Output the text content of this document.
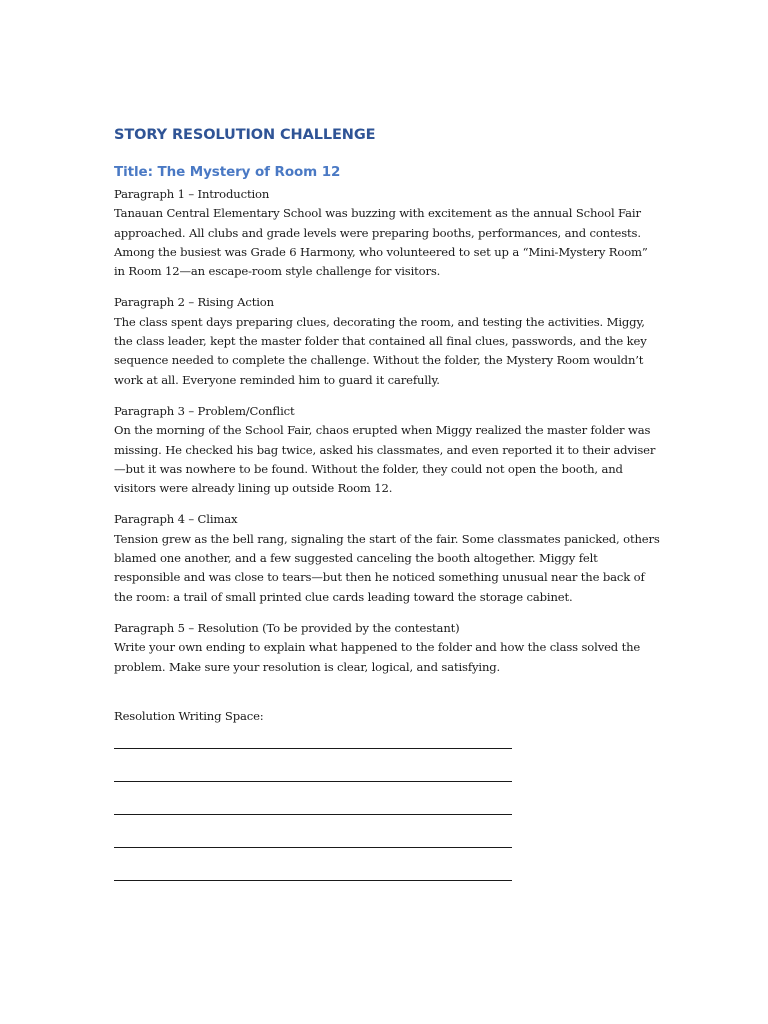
STORY RESOLUTION CHALLENGE
Title: The Mystery of Room 12

Paragraph 1 – Introduction
Tanauan Central Elementary School was buzzing with excitement as the annual School Fair approached. All clubs and grade levels were preparing booths, performances, and contests. Among the busiest was Grade 6 Harmony, who volunteered to set up a “Mini-Mystery Room” in Room 12—an escape-room style challenge for visitors.

Paragraph 2 – Rising Action
The class spent days preparing clues, decorating the room, and testing the activities. Miggy, the class leader, kept the master folder that contained all final clues, passwords, and the key sequence needed to complete the challenge. Without the folder, the Mystery Room wouldn’t work at all. Everyone reminded him to guard it carefully.

Paragraph 3 – Problem/Conflict
On the morning of the School Fair, chaos erupted when Miggy realized the master folder was missing. He checked his bag twice, asked his classmates, and even reported it to their adviser—but it was nowhere to be found. Without the folder, they could not open the booth, and visitors were already lining up outside Room 12.

Paragraph 4 – Climax
Tension grew as the bell rang, signaling the start of the fair. Some classmates panicked, others blamed one another, and a few suggested canceling the booth altogether. Miggy felt responsible and was close to tears—but then he noticed something unusual near the back of the room: a trail of small printed clue cards leading toward the storage cabinet.

Paragraph 5 – Resolution (To be provided by the contestant)
Write your own ending to explain what happened to the folder and how the class solved the problem. Make sure your resolution is clear, logical, and satisfying.

Resolution Writing Space:
